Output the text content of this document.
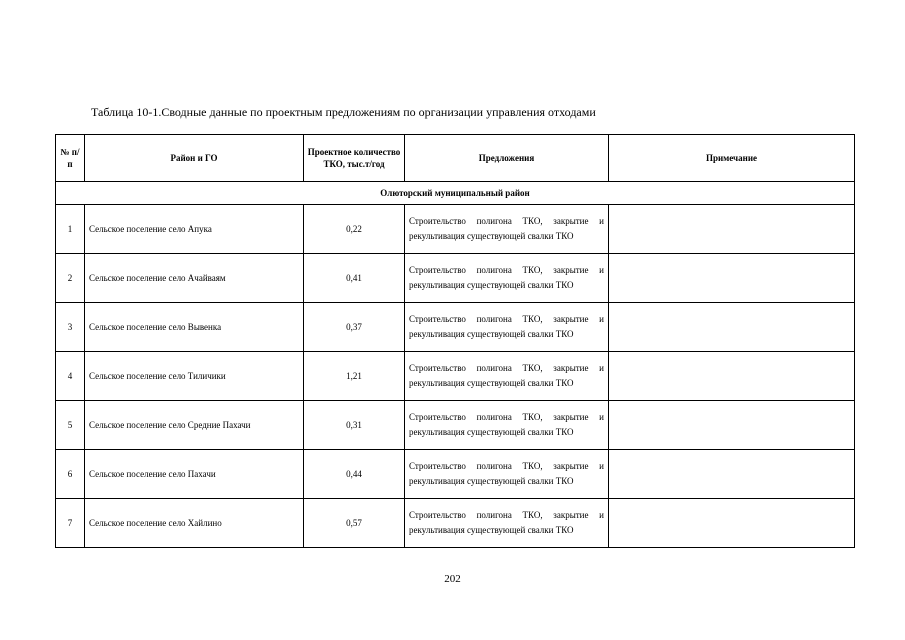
Таблица 10-1.Сводные данные по проектным предложениям по организации управления отходами
№ п/п	Район и ГО	Проектное количество ТКО, тыс.т/год	Предложения	Примечание
Олюторский муниципальный район				
1	Сельское поселение село Апука	0,22	Строительство полигона ТКО, закрытие и рекультивация существующей свалки ТКО	
2	Сельское поселение село Ачайваям	0,41	Строительство полигона ТКО, закрытие и рекультивация существующей свалки ТКО	
3	Сельское поселение село Вывенка	0,37	Строительство полигона ТКО, закрытие и рекультивация существующей свалки ТКО	
4	Сельское поселение село Тиличики	1,21	Строительство полигона ТКО, закрытие и рекультивация существующей свалки ТКО	
5	Сельское поселение село Средние Пахачи	0,31	Строительство полигона ТКО, закрытие и рекультивация существующей свалки ТКО	
6	Сельское поселение село Пахачи	0,44	Строительство полигона ТКО, закрытие и рекультивация существующей свалки ТКО	
7	Сельское поселение село Хайлино	0,57	Строительство полигона ТКО, закрытие и рекультивация существующей свалки ТКО	
202
